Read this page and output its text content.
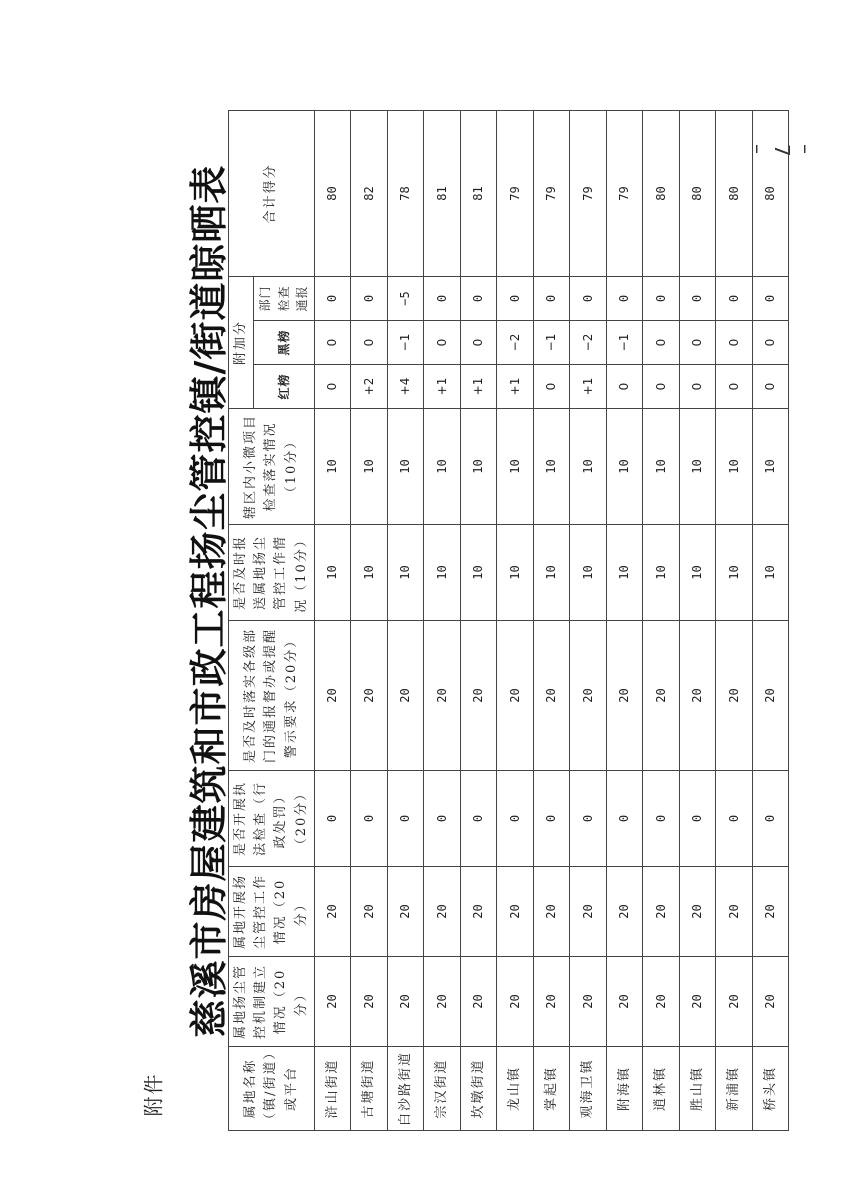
– 7 –
附件
慈溪市房屋建筑和市政工程扬尘管控镇/街道晾晒表
属地名称（镇/街道）或平台	属地扬尘管控机制建立情况（20分）	属地开展扬尘管控工作情况（20分）	是否开展执法检查（行政处罚）（20分）	是否及时落实各级部门的通报督办或提醒警示要求（20分）	是否及时报送属地扬尘管控工作情况（10分）	辖区内小微项目检查落实情况（10分）	附加分			合计得分
							红榜	黑榜	部门检查通报	
浒山街道	20	20	0	20	10	10	0	0	0	80
古塘街道	20	20	0	20	10	10	+2	0	0	82
白沙路街道	20	20	0	20	10	10	+4	−1	−5	78
宗汉街道	20	20	0	20	10	10	+1	0	0	81
坎墩街道	20	20	0	20	10	10	+1	0	0	81
龙山镇	20	20	0	20	10	10	+1	−2	0	79
掌起镇	20	20	0	20	10	10	0	−1	0	79
观海卫镇	20	20	0	20	10	10	+1	−2	0	79
附海镇	20	20	0	20	10	10	0	−1	0	79
逍林镇	20	20	0	20	10	10	0	0	0	80
胜山镇	20	20	0	20	10	10	0	0	0	80
新浦镇	20	20	0	20	10	10	0	0	0	80
桥头镇	20	20	0	20	10	10	0	0	0	80
